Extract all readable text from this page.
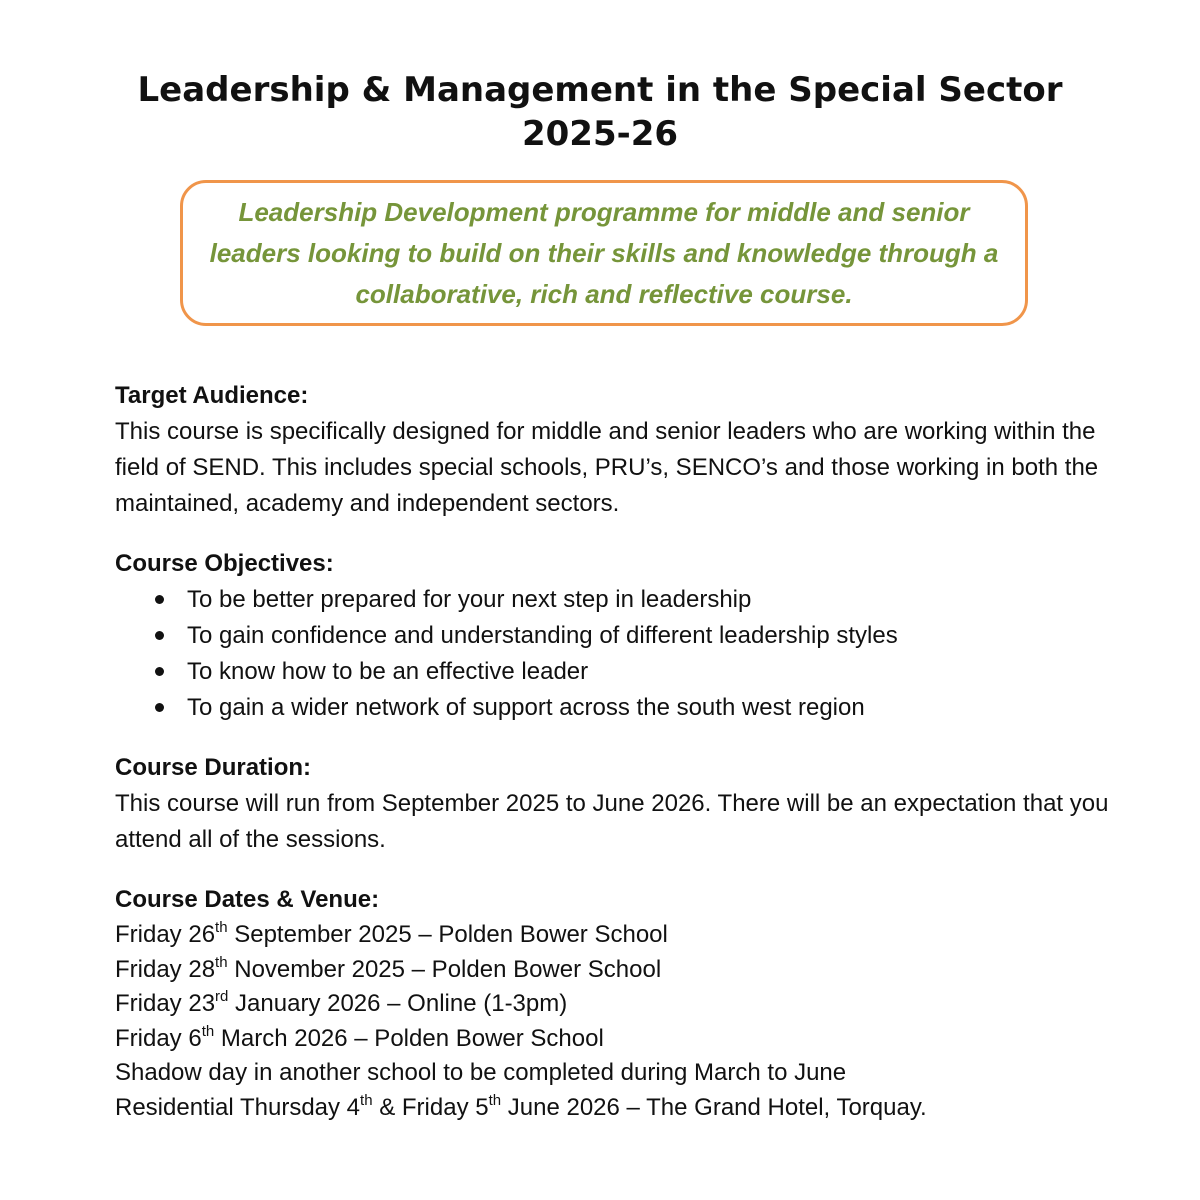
Leadership & Management in the Special Sector
2025-26

Leadership Development programme for middle and senior leaders looking to build on their skills and knowledge through a collaborative, rich and reflective course.

Target Audience:

This course is specifically designed for middle and senior leaders who are working within the field of SEND. This includes special schools, PRU’s, SENCO’s and those working in both the maintained, academy and independent sectors.

Course Objectives:
To be better prepared for your next step in leadership
To gain confidence and understanding of different leadership styles
To know how to be an effective leader
To gain a wider network of support across the south west region
Course Duration:

This course will run from September 2025 to June 2026. There will be an expectation that you attend all of the sessions.

Course Dates & Venue:
Friday 26th September 2025 – Polden Bower School
Friday 28th November 2025 – Polden Bower School
Friday 23rd January 2026 – Online (1-3pm)
Friday 6th March 2026 – Polden Bower School
Shadow day in another school to be completed during March to June
Residential Thursday 4th & Friday 5th June 2026 – The Grand Hotel, Torquay.
